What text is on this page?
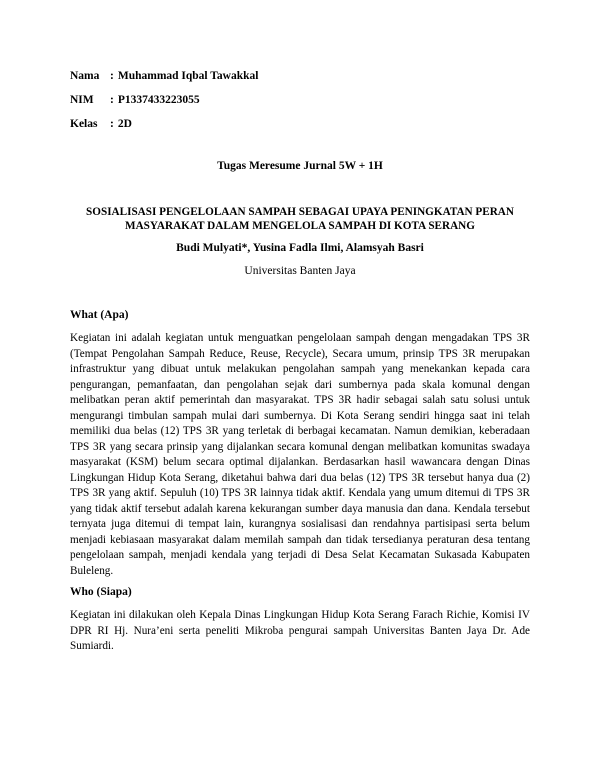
Nama : Muhammad Iqbal Tawakkal
NIM : P1337433223055
Kelas : 2D
Tugas Meresume Jurnal 5W + 1H
SOSIALISASI PENGELOLAAN SAMPAH SEBAGAI UPAYA PENINGKATAN PERAN MASYARAKAT DALAM MENGELOLA SAMPAH DI KOTA SERANG
Budi Mulyati*, Yusina Fadla Ilmi, Alamsyah Basri
Universitas Banten Jaya
What (Apa)
Kegiatan ini adalah kegiatan untuk menguatkan pengelolaan sampah dengan mengadakan TPS 3R (Tempat Pengolahan Sampah Reduce, Reuse, Recycle), Secara umum, prinsip TPS 3R merupakan infrastruktur yang dibuat untuk melakukan pengolahan sampah yang menekankan kepada cara pengurangan, pemanfaatan, dan pengolahan sejak dari sumbernya pada skala komunal dengan melibatkan peran aktif pemerintah dan masyarakat. TPS 3R hadir sebagai salah satu solusi untuk mengurangi timbulan sampah mulai dari sumbernya. Di Kota Serang sendiri hingga saat ini telah memiliki dua belas (12) TPS 3R yang terletak di berbagai kecamatan. Namun demikian, keberadaan TPS 3R yang secara prinsip yang dijalankan secara komunal dengan melibatkan komunitas swadaya masyarakat (KSM) belum secara optimal dijalankan. Berdasarkan hasil wawancara dengan Dinas Lingkungan Hidup Kota Serang, diketahui bahwa dari dua belas (12) TPS 3R tersebut hanya dua (2) TPS 3R yang aktif. Sepuluh (10) TPS 3R lainnya tidak aktif. Kendala yang umum ditemui di TPS 3R yang tidak aktif tersebut adalah karena kekurangan sumber daya manusia dan dana. Kendala tersebut ternyata juga ditemui di tempat lain, kurangnya sosialisasi dan rendahnya partisipasi serta belum menjadi kebiasaan masyarakat dalam memilah sampah dan tidak tersedianya peraturan desa tentang pengelolaan sampah, menjadi kendala yang terjadi di Desa Selat Kecamatan Sukasada Kabupaten Buleleng.
Who (Siapa)
Kegiatan ini dilakukan oleh Kepala Dinas Lingkungan Hidup Kota Serang Farach Richie, Komisi IV DPR RI Hj. Nura’eni serta peneliti Mikroba pengurai sampah Universitas Banten Jaya Dr. Ade Sumiardi.
